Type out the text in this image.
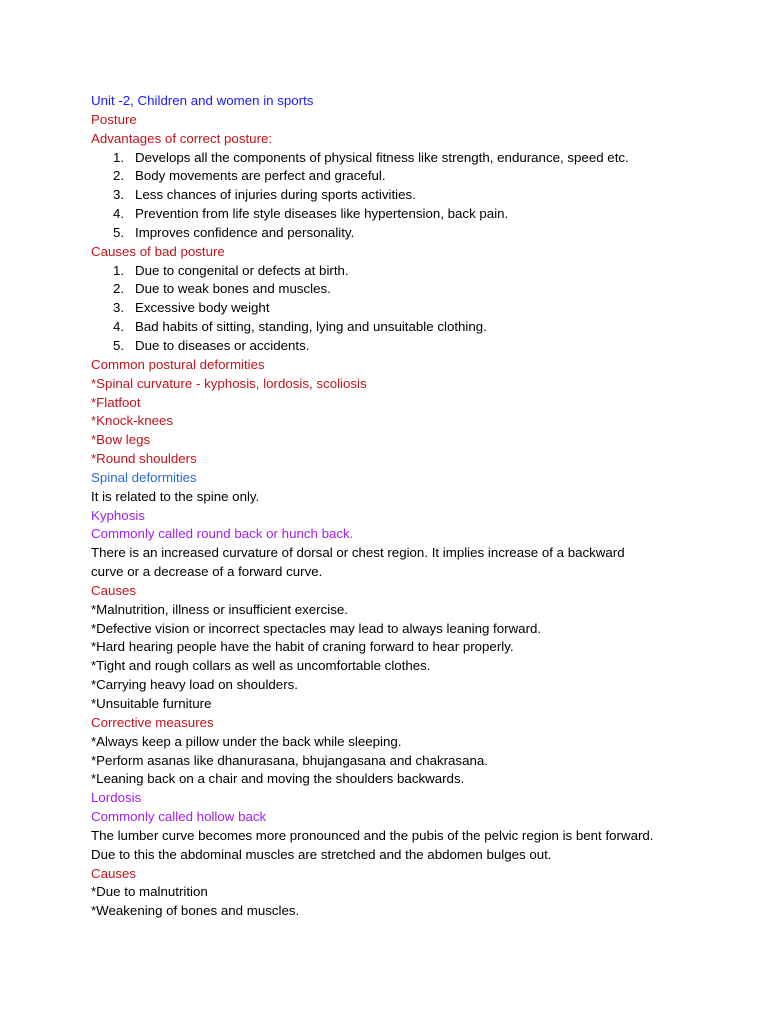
Unit -2, Children and women in sports
Posture
Advantages of correct posture:
1. Develops all the components of physical fitness like strength, endurance, speed etc.
2. Body movements are perfect and graceful.
3. Less chances of injuries during sports activities.
4. Prevention from life style diseases like hypertension, back pain.
5. Improves confidence and personality.
Causes of bad posture
1. Due to congenital or defects at birth.
2. Due to weak bones and muscles.
3. Excessive body weight
4. Bad habits of sitting, standing, lying and unsuitable clothing.
5. Due to diseases or accidents.
Common postural deformities
*Spinal curvature - kyphosis, lordosis, scoliosis
*Flatfoot
*Knock-knees
*Bow legs
*Round shoulders
Spinal deformities
It is related to the spine only.
Kyphosis
Commonly called round back or hunch back.
There is an increased curvature of dorsal or chest region. It implies increase of a backward
curve or a decrease of a forward curve.
Causes
*Malnutrition, illness or insufficient exercise.
*Defective vision or incorrect spectacles may lead to always leaning forward.
*Hard hearing people have the habit of craning forward to hear properly.
*Tight and rough collars as well as uncomfortable clothes.
*Carrying heavy load on shoulders.
*Unsuitable furniture
Corrective measures
*Always keep a pillow under the back while sleeping.
*Perform asanas like dhanurasana, bhujangasana and chakrasana.
*Leaning back on a chair and moving the shoulders backwards.
Lordosis
Commonly called hollow back
The lumber curve becomes more pronounced and the pubis of the pelvic region is bent forward.
Due to this the abdominal muscles are stretched and the abdomen bulges out.
Causes
*Due to malnutrition
*Weakening of bones and muscles.
